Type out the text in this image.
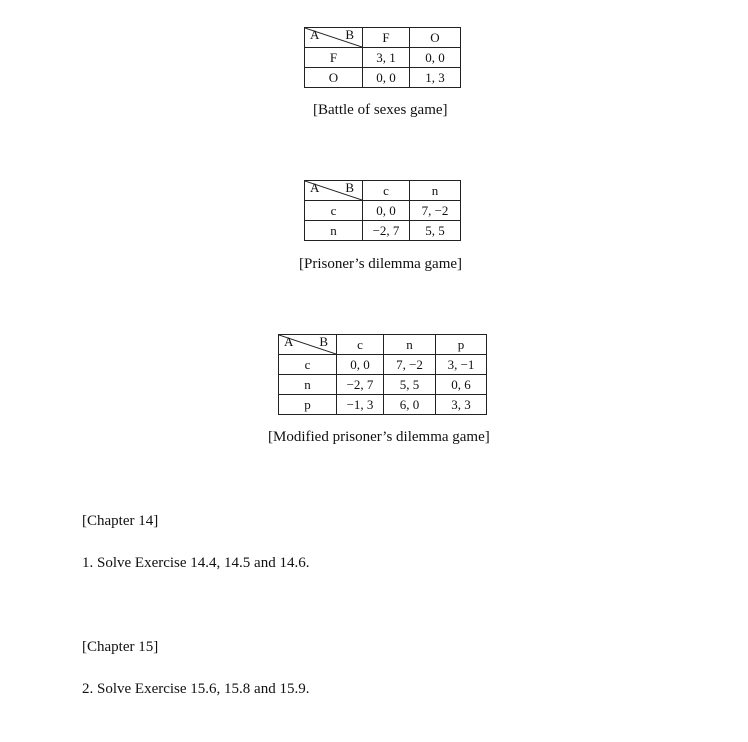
A B	F	O
F	3, 1	0, 0
O	0, 0	1, 3
[Battle of sexes game]
A B	c	n
c	0, 0	7, −2
n	−2, 7	5, 5
[Prisoner’s dilemma game]
A B	c	n	p
c	0, 0	7, −2	3, −1
n	−2, 7	5, 5	0, 6
p	−1, 3	6, 0	3, 3
[Modified prisoner’s dilemma game]
[Chapter 14]
1. Solve Exercise 14.4, 14.5 and 14.6.
[Chapter 15]
2. Solve Exercise 15.6, 15.8 and 15.9.
